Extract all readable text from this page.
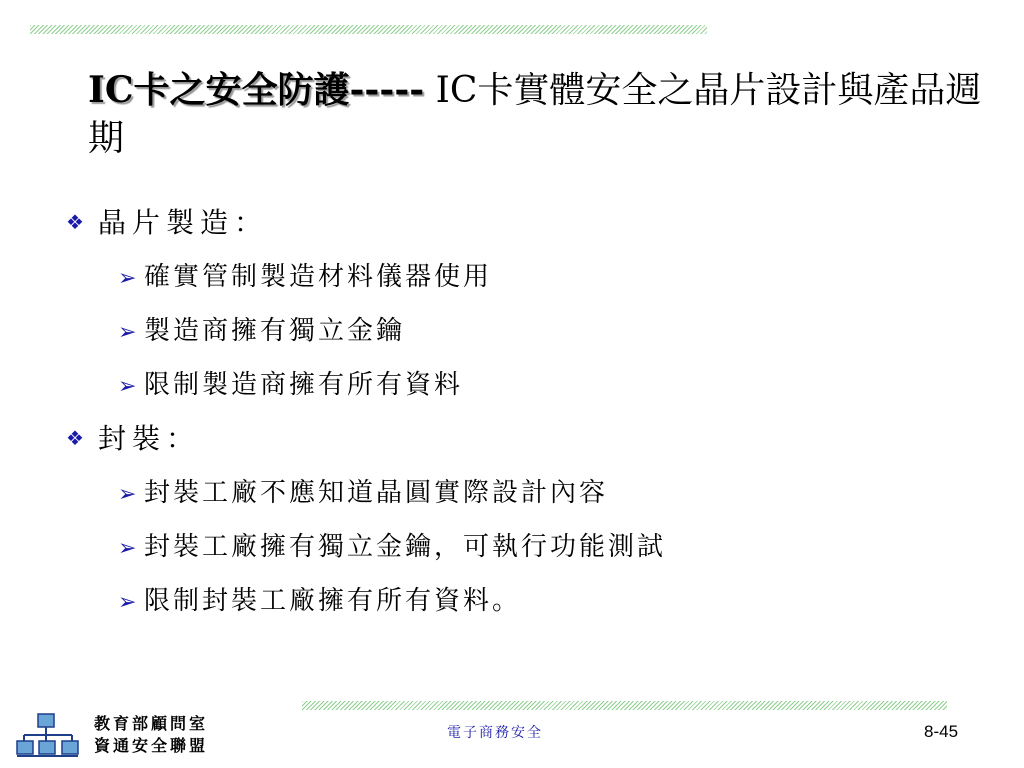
IC卡之安全防護----- IC卡實體安全之晶片設計與產品週期
❖ 晶片製造：
➢ 確實管制製造材料儀器使用
➢ 製造商擁有獨立金鑰
➢ 限制製造商擁有所有資料
❖ 封裝：
➢ 封裝工廠不應知道晶圓實際設計內容
➢ 封裝工廠擁有獨立金鑰，可執行功能測試
➢ 限制封裝工廠擁有所有資料。
教育部顧問室
資通安全聯盟
電子商務安全	8-45
